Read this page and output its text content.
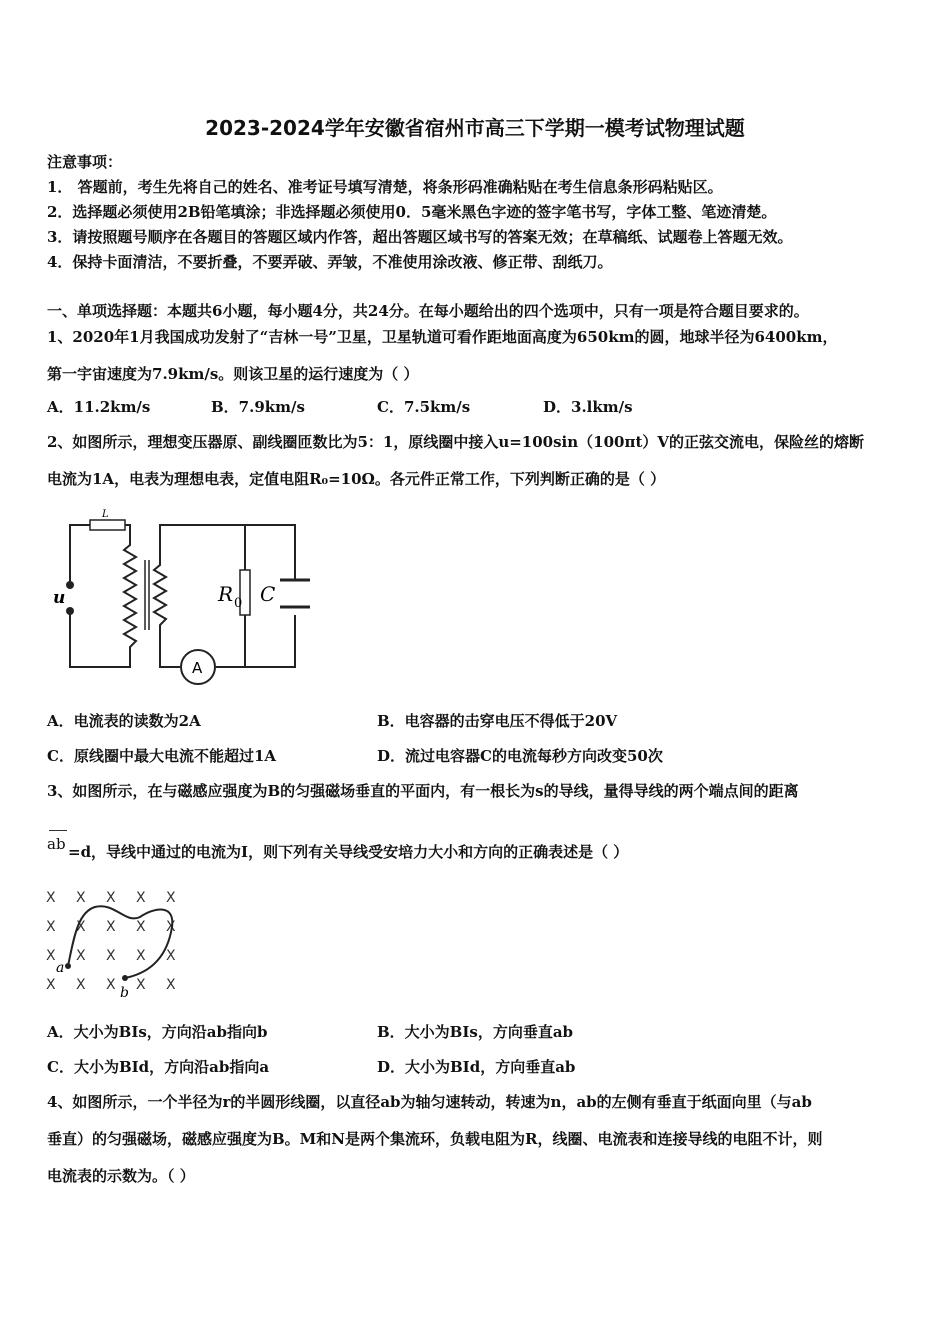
2023-2024学年安徽省宿州市高三下学期一模考试物理试题
注意事项：
1． 答题前，考生先将自己的姓名、准考证号填写清楚，将条形码准确粘贴在考生信息条形码粘贴区。
2．选择题必须使用2B铅笔填涂；非选择题必须使用0．5毫米黑色字迹的签字笔书写，字体工整、笔迹清楚。
3．请按照题号顺序在各题目的答题区域内作答，超出答题区域书写的答案无效；在草稿纸、试题卷上答题无效。
4．保持卡面清洁，不要折叠，不要弄破、弄皱，不准使用涂改液、修正带、刮纸刀。
一、单项选择题：本题共6小题，每小题4分，共24分。在每小题给出的四个选项中，只有一项是符合题目要求的。
1、2020年1月我国成功发射了“吉林一号”卫星，卫星轨道可看作距地面高度为650km的圆，地球半径为6400km，
第一宇宙速度为7.9km/s。则该卫星的运行速度为（ ）
A．11.2km/s	B．7.9km/s	C．7.5km/s	D．3.lkm/s
2、如图所示，理想变压器原、副线圈匝数比为5：1，原线圈中接入u=100sin（100πt）V的正弦交流电，保险丝的熔断
电流为1A，电表为理想电表，定值电阻R₀=10Ω。各元件正常工作，下列判断正确的是（ ）
L
u	R 0 C
A
A．电流表的读数为2A	B．电容器的击穿电压不得低于20V
C．原线圈中最大电流不能超过1A	D．流过电容器C的电流每秒方向改变50次
3、如图所示，在与磁感应强度为B的匀强磁场垂直的平面内，有一根长为s的导线，量得导线的两个端点间的距离
ab =d，导线中通过的电流为I，则下列有关导线受安培力大小和方向的正确表述是（ ）
X X X X X
X X X X X
X X X X X
X X X X X
a
b
A．大小为BIs，方向沿ab指向b	B．大小为BIs，方向垂直ab
C．大小为BId，方向沿ab指向a	D．大小为BId，方向垂直ab
4、如图所示，一个半径为r的半圆形线圈，以直径ab为轴匀速转动，转速为n，ab的左侧有垂直于纸面向里（与ab
垂直）的匀强磁场，磁感应强度为B。M和N是两个集流环，负载电阻为R，线圈、电流表和连接导线的电阻不计，则
电流表的示数为。（ ）
